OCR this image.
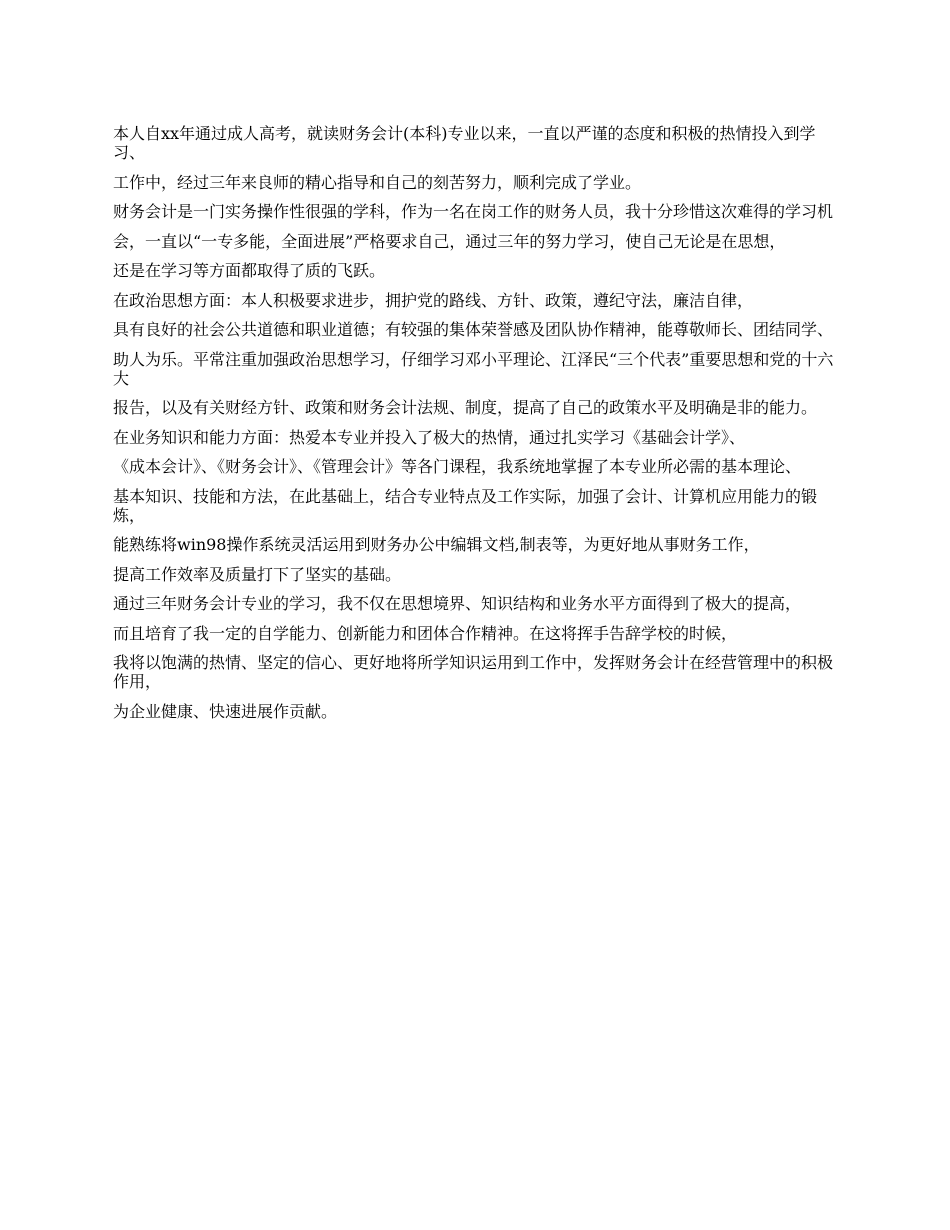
本人自xx年通过成人高考，就读财务会计(本科)专业以来，一直以严谨的态度和积极的热情投入到学习、

工作中，经过三年来良师的精心指导和自己的刻苦努力，顺利完成了学业。

财务会计是一门实务操作性很强的学科，作为一名在岗工作的财务人员，我十分珍惜这次难得的学习机

会，一直以“一专多能，全面进展”严格要求自己，通过三年的努力学习，使自己无论是在思想，

还是在学习等方面都取得了质的飞跃。

在政治思想方面：本人积极要求进步，拥护党的路线、方针、政策，遵纪守法，廉洁自律，

具有良好的社会公共道德和职业道德；有较强的集体荣誉感及团队协作精神，能尊敬师长、团结同学、

助人为乐。平常注重加强政治思想学习，仔细学习邓小平理论、江泽民“三个代表”重要思想和党的十六大

报告，以及有关财经方针、政策和财务会计法规、制度，提高了自己的政策水平及明确是非的能力。

在业务知识和能力方面：热爱本专业并投入了极大的热情，通过扎实学习《基础会计学》、

《成本会计》、《财务会计》、《管理会计》等各门课程，我系统地掌握了本专业所必需的基本理论、

基本知识、技能和方法，在此基础上，结合专业特点及工作实际，加强了会计、计算机应用能力的锻炼，

能熟练将win98操作系统灵活运用到财务办公中编辑文档,制表等，为更好地从事财务工作，

提高工作效率及质量打下了坚实的基础。

通过三年财务会计专业的学习，我不仅在思想境界、知识结构和业务水平方面得到了极大的提高，

而且培育了我一定的自学能力、创新能力和团体合作精神。在这将挥手告辞学校的时候，

我将以饱满的热情、坚定的信心、更好地将所学知识运用到工作中，发挥财务会计在经营管理中的积极作用，

为企业健康、快速进展作贡献。
